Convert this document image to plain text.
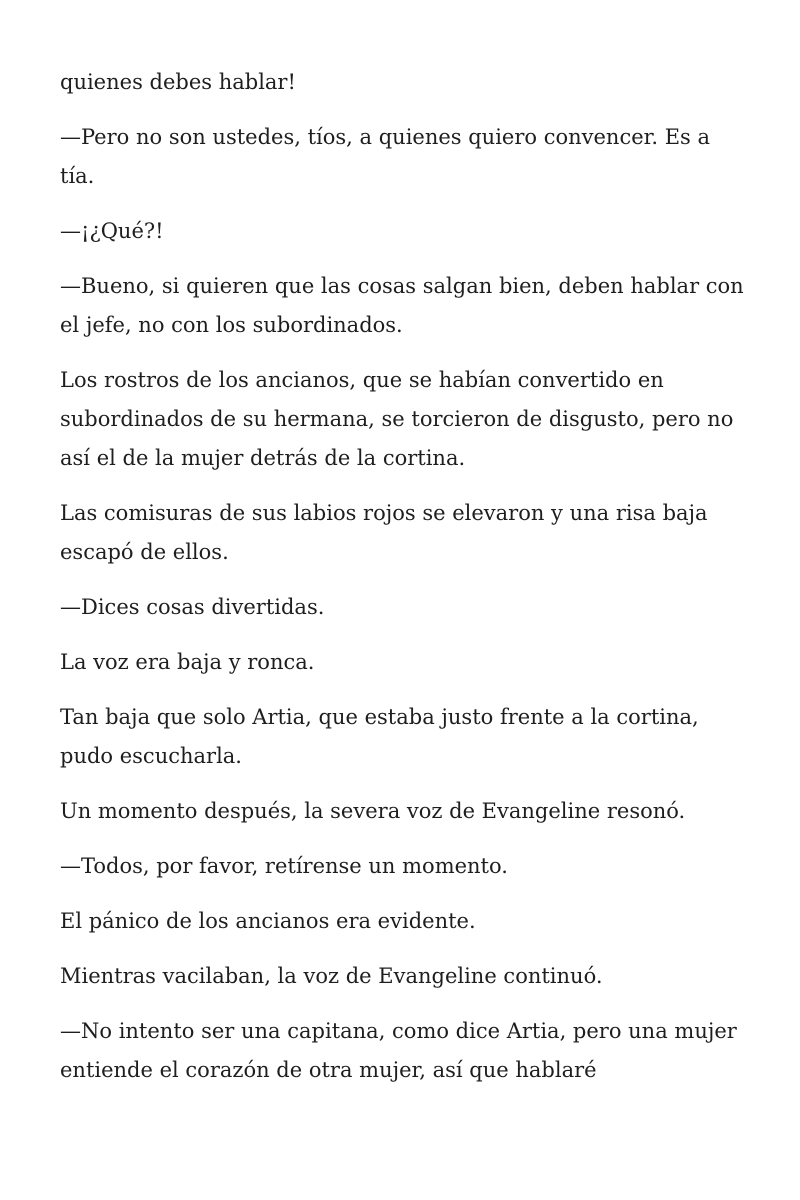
quienes debes hablar!

—Pero no son ustedes, tíos, a quienes quiero convencer. Es a tía.

—¡¿Qué?!

—Bueno, si quieren que las cosas salgan bien, deben hablar con el jefe, no con los subordinados.

Los rostros de los ancianos, que se habían convertido en subordinados de su hermana, se torcieron de disgusto, pero no así el de la mujer detrás de la cortina.

Las comisuras de sus labios rojos se elevaron y una risa baja escapó de ellos.

—Dices cosas divertidas.

La voz era baja y ronca.

Tan baja que solo Artia, que estaba justo frente a la cortina, pudo escucharla.

Un momento después, la severa voz de Evangeline resonó.

—Todos, por favor, retírense un momento.

El pánico de los ancianos era evidente.

Mientras vacilaban, la voz de Evangeline continuó.

—No intento ser una capitana, como dice Artia, pero una mujer entiende el corazón de otra mujer, así que hablaré
